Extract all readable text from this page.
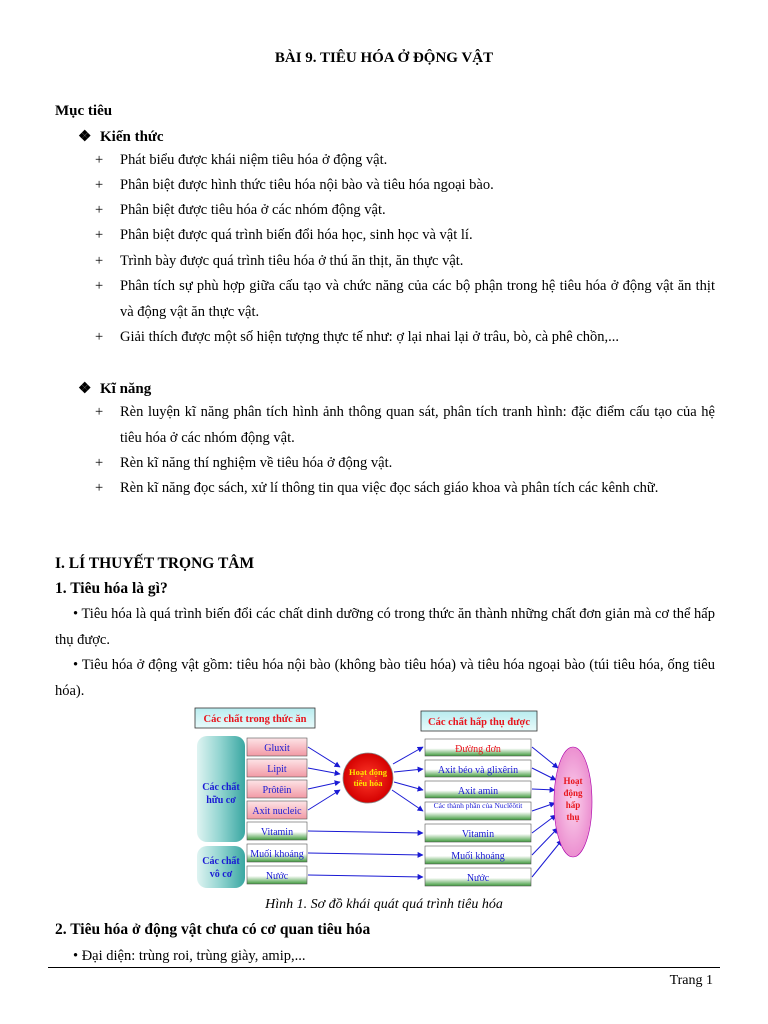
BÀI 9. TIÊU HÓA Ở ĐỘNG VẬT
Mục tiêu
❖ Kiến thức
+ Phát biểu được khái niệm tiêu hóa ở động vật.
+ Phân biệt được hình thức tiêu hóa nội bào và tiêu hóa ngoại bào.
+ Phân biệt được tiêu hóa ở các nhóm động vật.
+ Phân biệt được quá trình biến đổi hóa học, sinh học và vật lí.
+ Trình bày được quá trình tiêu hóa ở thú ăn thịt, ăn thực vật.
+ Phân tích sự phù hợp giữa cấu tạo và chức năng của các bộ phận trong hệ tiêu hóa ở động vật ăn thịt và động vật ăn thực vật.
+ Giải thích được một số hiện tượng thực tế như: ợ lại nhai lại ở trâu, bò, cà phê chồn,...
❖ Kĩ năng
+ Rèn luyện kĩ năng phân tích hình ảnh thông quan sát, phân tích tranh hình: đặc điểm cấu tạo của hệ tiêu hóa ở các nhóm động vật.
+ Rèn kĩ năng thí nghiệm về tiêu hóa ở động vật.
+ Rèn kĩ năng đọc sách, xử lí thông tin qua việc đọc sách giáo khoa và phân tích các kênh chữ.
I. LÍ THUYẾT TRỌNG TÂM
1. Tiêu hóa là gì?
• Tiêu hóa là quá trình biến đổi các chất dinh dưỡng có trong thức ăn thành những chất đơn giản mà cơ thể hấp thụ được.
• Tiêu hóa ở động vật gồm: tiêu hóa nội bào (không bào tiêu hóa) và tiêu hóa ngoại bào (túi tiêu hóa, ống tiêu hóa).
Các chất trong thức ăn	Các chất hấp thụ được
Các chất
hữu cơ
Các chất
vô cơ
Gluxit
Lipit
Prôtêin
Axit nucleic
Vitamin
Muối khoáng
Nước
Hoạt động
tiêu hóa
Đường đơn
Axit béo và glixêrin
Axit amin
Các thành phần của Nuclêôtit
Vitamin
Muối khoáng
Nước
Hoạt
động
hấp
thụ
Hình 1. Sơ đồ khái quát quá trình tiêu hóa
2. Tiêu hóa ở động vật chưa có cơ quan tiêu hóa
• Đại diện: trùng roi, trùng giày, amip,...
Trang 1
